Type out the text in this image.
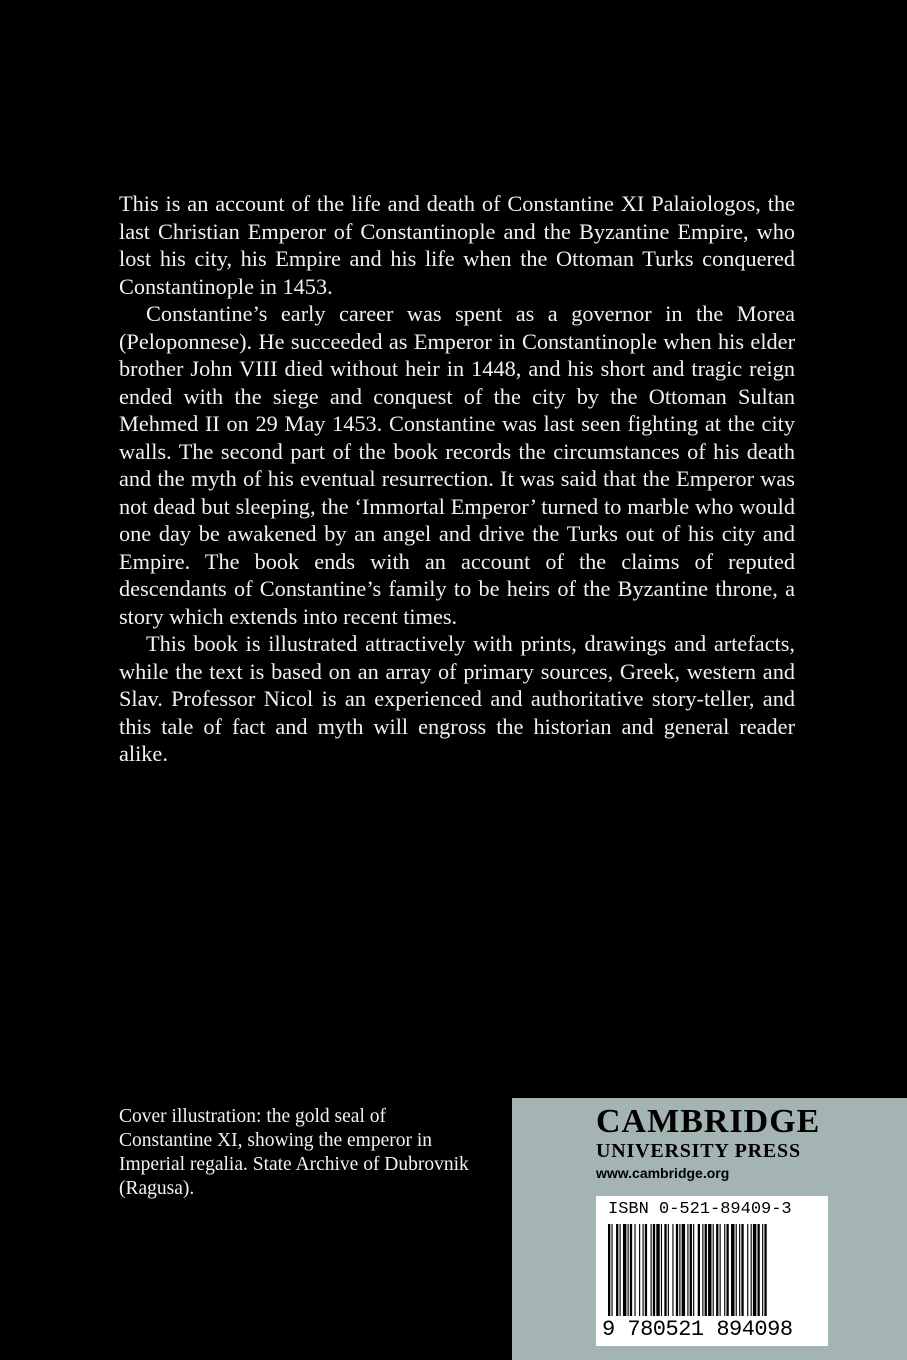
This is an account of the life and death of Constantine XI Palaiologos, the last Christian Emperor of Constantinople and the Byzantine Empire, who lost his city, his Empire and his life when the Ottoman Turks conquered Constantinople in 1453.

Constantine’s early career was spent as a governor in the Morea (Peloponnese). He succeeded as Emperor in Constantinople when his elder brother John VIII died without heir in 1448, and his short and tragic reign ended with the siege and conquest of the city by the Ottoman Sultan Mehmed II on 29 May 1453. Constantine was last seen fighting at the city walls. The second part of the book records the circumstances of his death and the myth of his eventual resurrection. It was said that the Emperor was not dead but sleeping, the ‘Immortal Emperor’ turned to marble who would one day be awakened by an angel and drive the Turks out of his city and Empire. The book ends with an account of the claims of reputed descendants of Constantine’s family to be heirs of the Byzantine throne, a story which extends into recent times.

This book is illustrated attractively with prints, drawings and artefacts, while the text is based on an array of primary sources, Greek, western and Slav. Professor Nicol is an experienced and authoritative story-teller, and this tale of fact and myth will engross the historian and general reader alike.

Cover illustration: the gold seal of Constantine XI, showing the emperor in Imperial regalia. State Archive of Dubrovnik (Ragusa).
CAMBRIDGE
UNIVERSITY PRESS
www.cambridge.org
ISBN 0-521-89409-3
9 780521 894098
